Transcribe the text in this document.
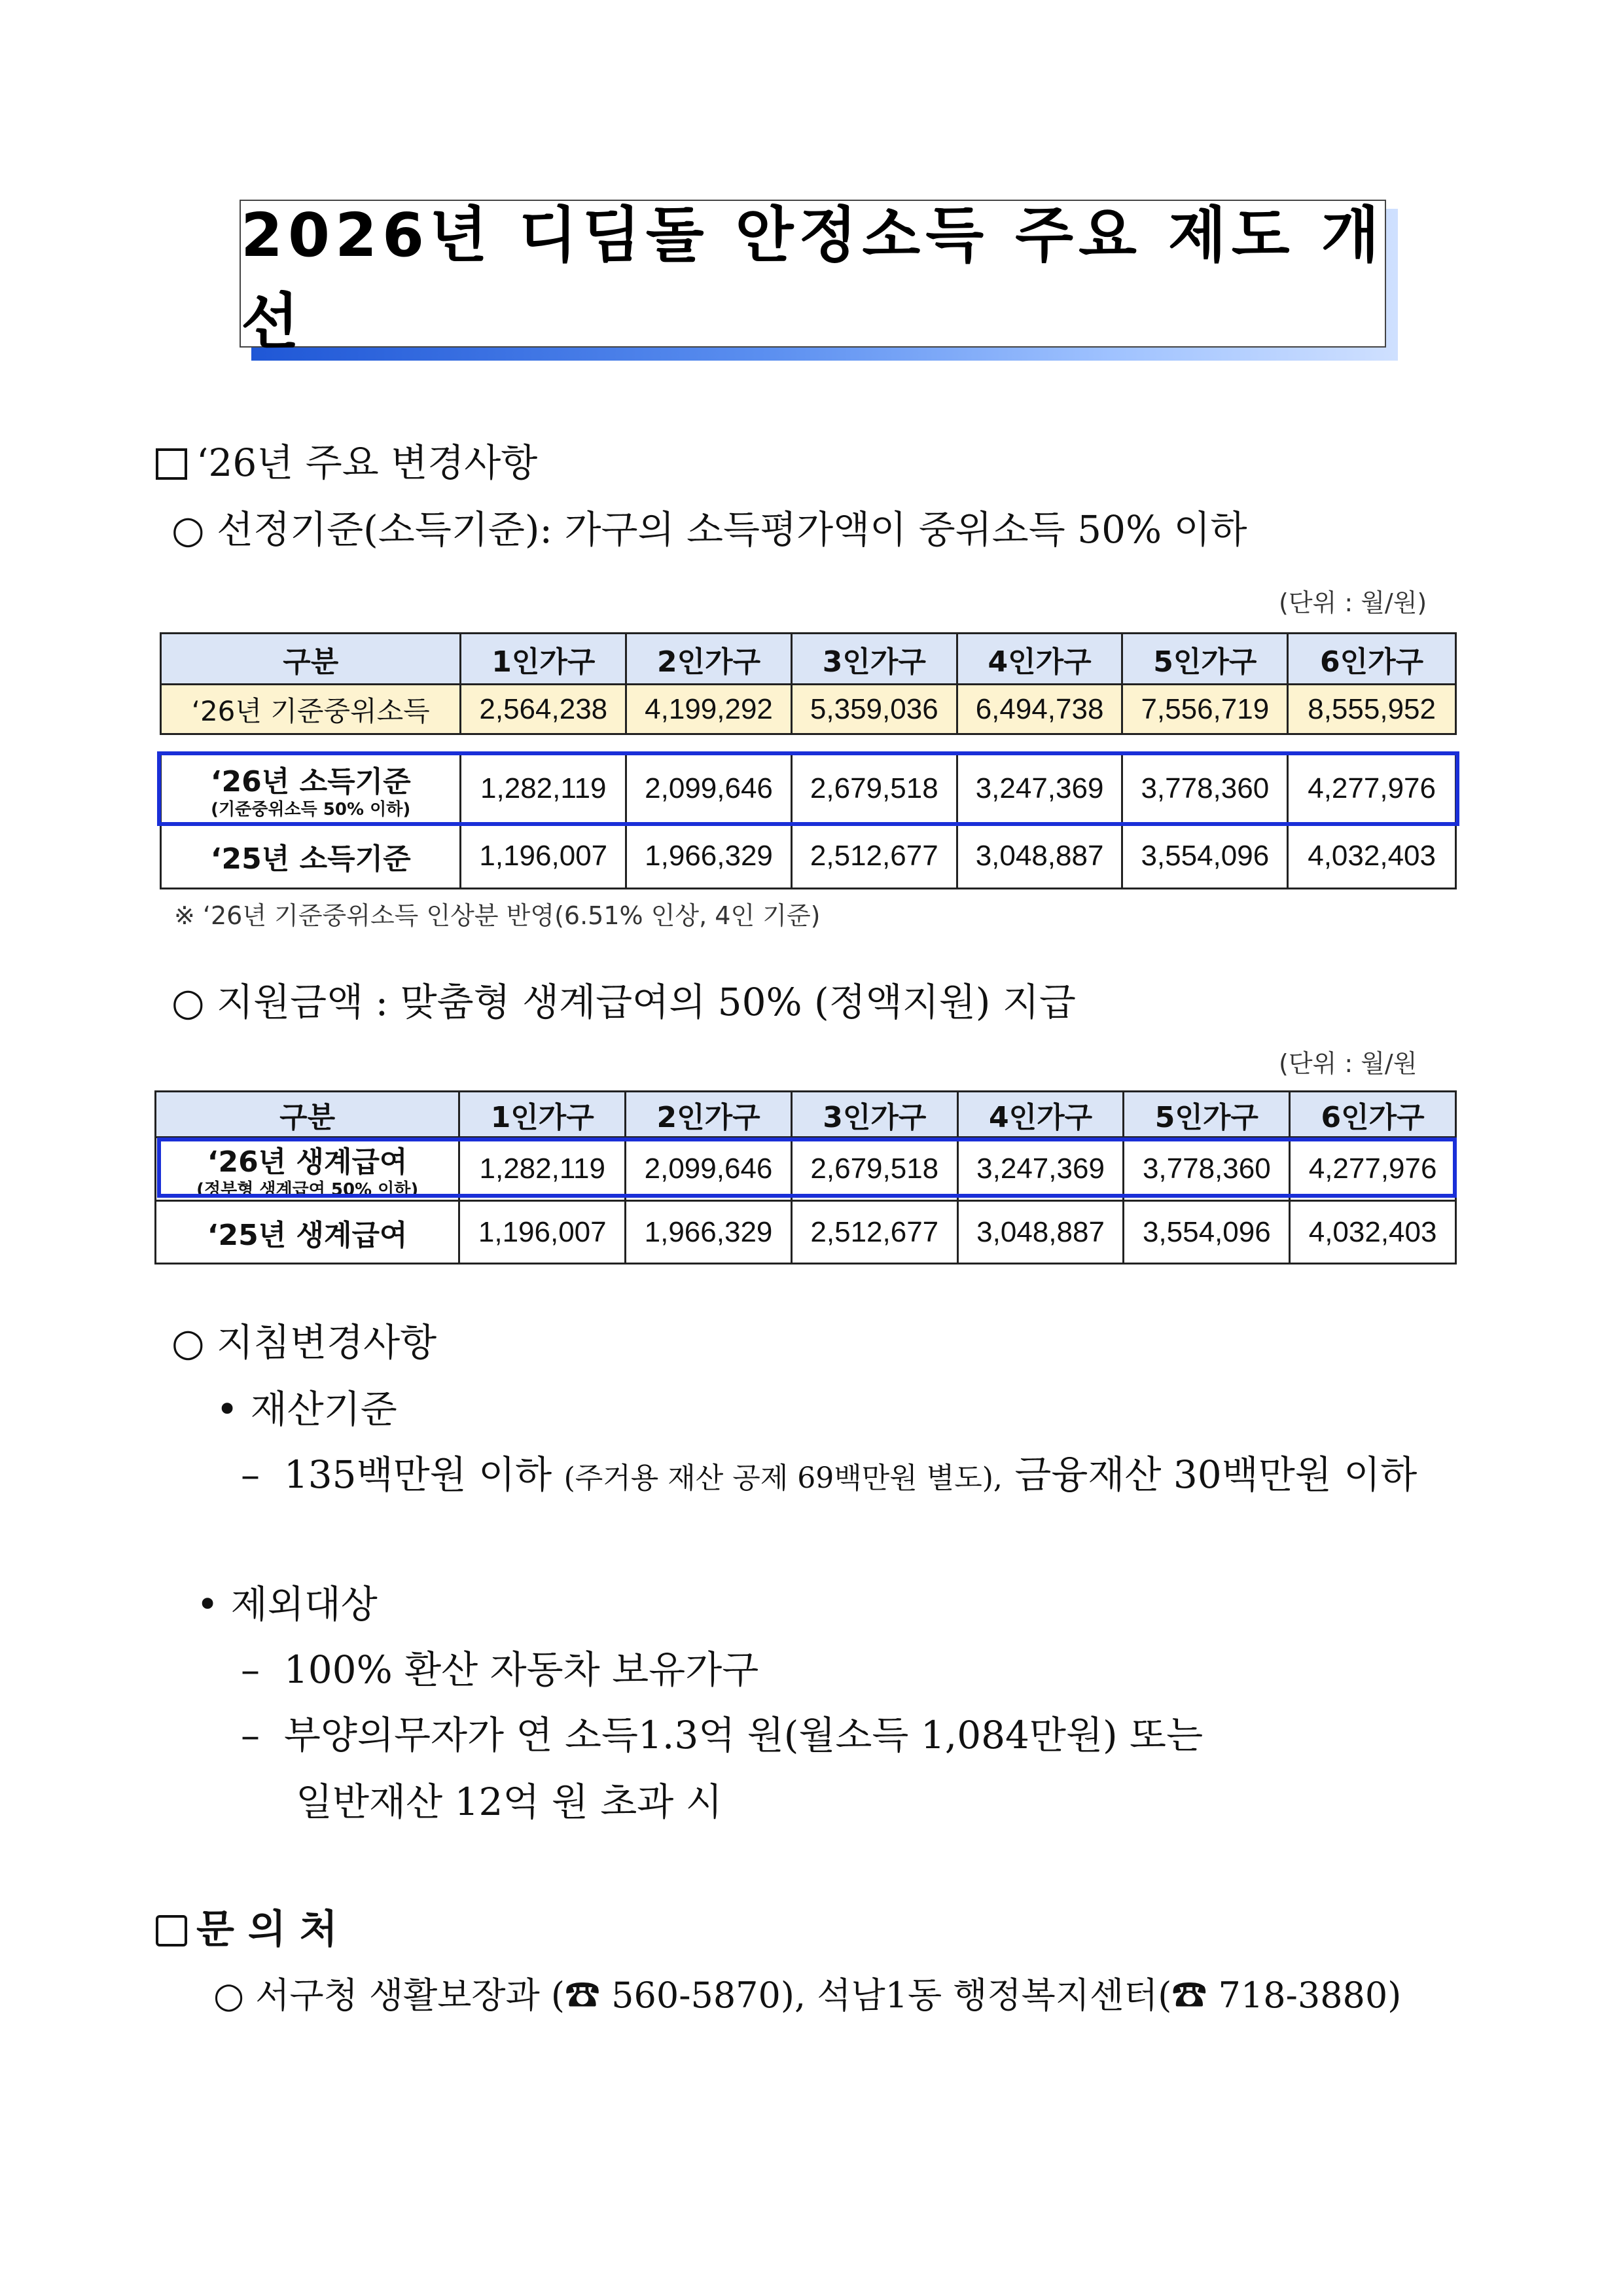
2026년 디딤돌 안정소득 주요 제도 개선
‘26년 주요 변경사항
○ 선정기준(소득기준): 가구의 소득평가액이 중위소득 50% 이하
(단위 : 월/원)
구분	1인가구	2인가구	3인가구	4인가구	5인가구	6인가구
‘26년 기준중위소득	2,564,238	4,199,292	5,359,036	6,494,738	7,556,719	8,555,952

‘26년 소득기준
(기준중위소득 50% 이하)	1,282,119	2,099,646	2,679,518	3,247,369	3,778,360	4,277,976
‘25년 소득기준	1,196,007	1,966,329	2,512,677	3,048,887	3,554,096	4,032,403
※ ‘26년 기준중위소득 인상분 반영(6.51% 인상, 4인 기준)
○ 지원금액 : 맞춤형 생계급여의 50% (정액지원) 지급
(단위 : 월/원
구분	1인가구	2인가구	3인가구	4인가구	5인가구	6인가구
‘26년 생계급여
(정부형 생계급여 50% 이하)	1,282,119	2,099,646	2,679,518	3,247,369	3,778,360	4,277,976
‘25년 생계급여	1,196,007	1,966,329	2,512,677	3,048,887	3,554,096	4,032,403
○ 지침변경사항
• 재산기준
–  135백만원 이하 (주거용 재산 공제 69백만원 별도), 금융재산 30백만원 이하
• 제외대상
–  100% 환산 자동차 보유가구
–  부양의무자가 연 소득1.3억 원(월소득 1,084만원) 또는
일반재산 12억 원 초과 시
문 의 처
○ 서구청 생활보장과 (☎ 560-5870), 석남1동 행정복지센터(☎ 718-3880)
